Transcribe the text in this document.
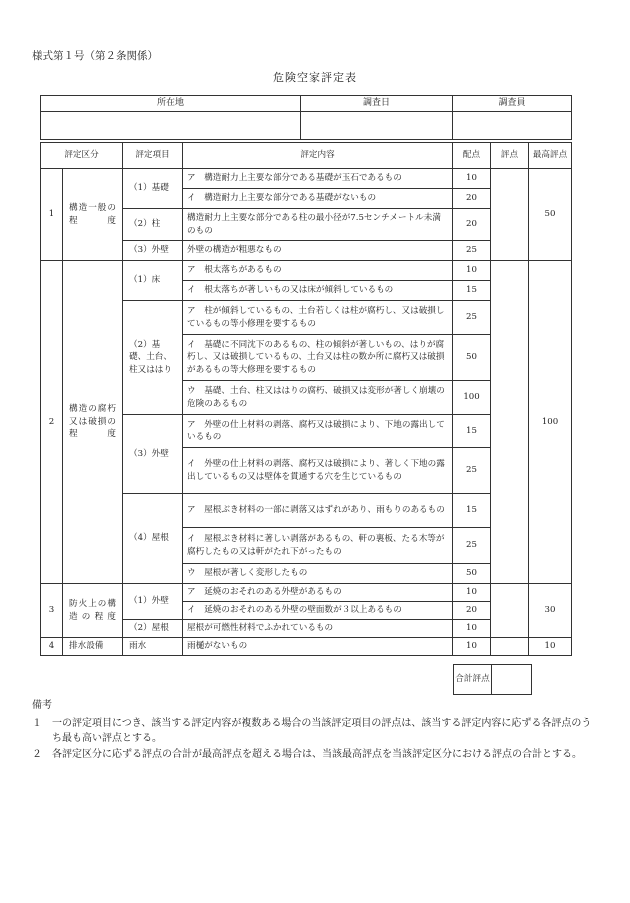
様式第１号（第２条関係）
危険空家評定表
所在地	調査日	調査員

評定区分		評定項目	評定内容	配点	評点	最高評点
1	構造一般の程度	（1）基礎	ア　構造耐力上主要な部分である基礎が玉石であるもの	10		50
			イ　構造耐力上主要な部分である基礎がないもの	20		
		（2）柱	構造耐力上主要な部分である柱の最小径が7.5センチメートル未満のもの	20		
		（3）外壁	外壁の構造が粗悪なもの	25		

2	構造の腐朽又は破損の程度	（1）床	ア　根太落ちがあるもの	10		100
			イ　根太落ちが著しいもの又は床が傾斜しているもの	15		
		（2）基礎、土台、柱又ははり	ア　柱が傾斜しているもの、土台若しくは柱が腐朽し、又は破損しているもの等小修理を要するもの	25		
			イ　基礎に不同沈下のあるもの、柱の傾斜が著しいもの、はりが腐朽し、又は破損しているもの、土台又は柱の数か所に腐朽又は破損があるもの等大修理を要するもの	50		
			ウ　基礎、土台、柱又ははりの腐朽、破損又は変形が著しく崩壊の危険のあるもの	100		
		（3）外壁	ア　外壁の仕上材料の剥落、腐朽又は破損により、下地の露出しているもの	15		
			イ　外壁の仕上材料の剥落、腐朽又は破損により、著しく下地の露出しているもの又は壁体を貫通する穴を生じているもの	25		
		（4）屋根	ア　屋根ぶき材料の一部に剥落又はずれがあり、雨もりのあるもの	15		
			イ　屋根ぶき材料に著しい剥落があるもの、軒の裏板、たる木等が腐朽したもの又は軒がたれ下がったもの	25		
			ウ　屋根が著しく変形したもの	50		
3	防火上の構造の程度	（1）外壁	ア　延焼のおそれのある外壁があるもの	10		30
			イ　延焼のおそれのある外壁の壁面数が３以上あるもの	20		
		（2）屋根	屋根が可燃性材料でふかれているもの	10		
4	排水設備	雨水	雨樋がないもの	10		10
合計評点	
備考
１	一の評定項目につき、該当する評定内容が複数ある場合の当該評定項目の評点は、該当する評定内容に応ずる各評点のうち最も高い評点とする。
２	各評定区分に応ずる評点の合計が最高評点を超える場合は、当該最高評点を当該評定区分における評点の合計とする。
